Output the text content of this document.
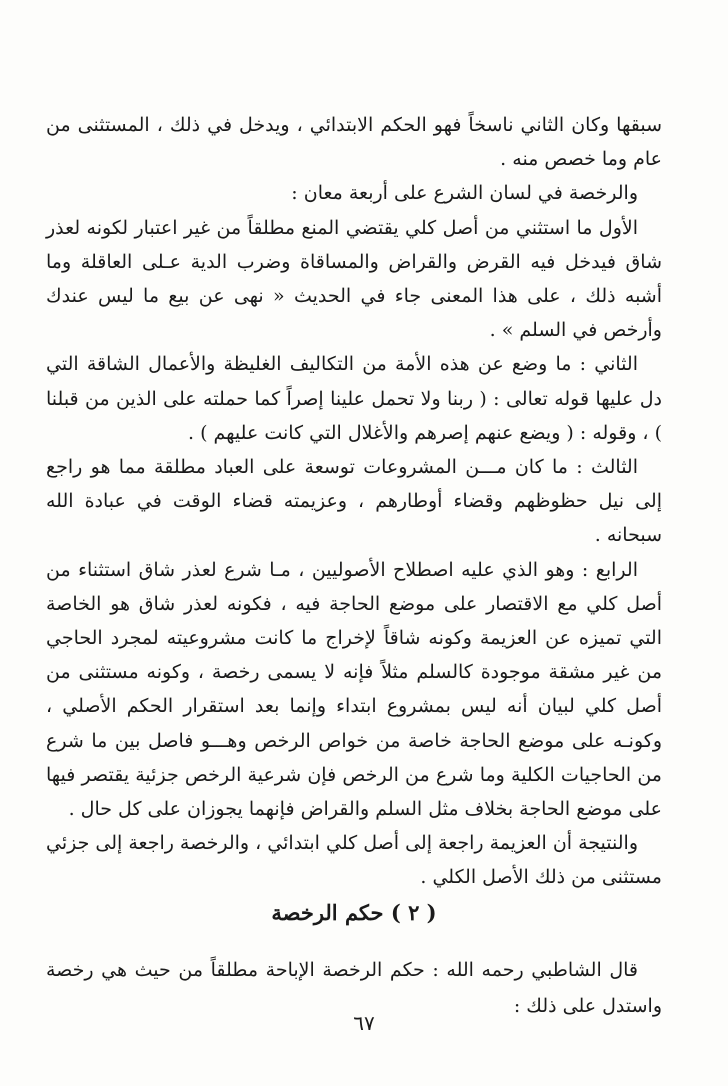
سبقها وكان الثاني ناسخاً فهو الحكم الابتدائي ، ويدخل في ذلك ، المستثنى من عام وما خصص منه .

والرخصة في لسان الشرع على أربعة معان :

الأول ما استثني من أصل كلي يقتضي المنع مطلقاً من غير اعتبار لكونه لعذر شاق فيدخل فيه القرض والقراض والمساقاة وضرب الدية عـلى العاقلة وما أشبه ذلك ، على هذا المعنى جاء في الحديث « نهى عن بيع ما ليس عندك وأرخص في السلم » .

الثاني : ما وضع عن هذه الأمة من التكاليف الغليظة والأعمال الشاقة التي دل عليها قوله تعالى : ( ربنا ولا تحمل علينا إصراً كما حملته على الذين من قبلنا ) ، وقوله : ( ويضع عنهم إصرهم والأغلال التي كانت عليهم ) .

الثالث : ما كان مـــن المشروعات توسعة على العباد مطلقة مما هو راجع إلى نيل حظوظهم وقضاء أوطارهم ، وعزيمته قضاء الوقت في عبادة الله سبحانه .

الرابع : وهو الذي عليه اصطلاح الأصوليين ، مـا شرع لعذر شاق استثناء من أصل كلي مع الاقتصار على موضع الحاجة فيه ، فكونه لعذر شاق هو الخاصة التي تميزه عن العزيمة وكونه شاقاً لإخراج ما كانت مشروعيته لمجرد الحاجي من غير مشقة موجودة كالسلم مثلاً فإنه لا يسمى رخصة ، وكونه مستثنى من أصل كلي لبيان أنه ليس بمشروع ابتداء وإنما بعد استقرار الحكم الأصلي ، وكونـه على موضع الحاجة خاصة من خواص الرخص وهـــو فاصل بين ما شرع من الحاجيات الكلية وما شرع من الرخص فإن شرعية الرخص جزئية يقتصر فيها على موضع الحاجة بخلاف مثل السلم والقراض فإنهما يجوزان على كل حال .

والنتيجة أن العزيمة راجعة إلى أصل كلي ابتدائي ، والرخصة راجعة إلى جزئي مستثنى من ذلك الأصل الكلي .

( ٢ ) حكم الرخصة

قال الشاطبي رحمه الله : حكم الرخصة الإباحة مطلقاً من حيث هي رخصة واستدل على ذلك :

٦٧
